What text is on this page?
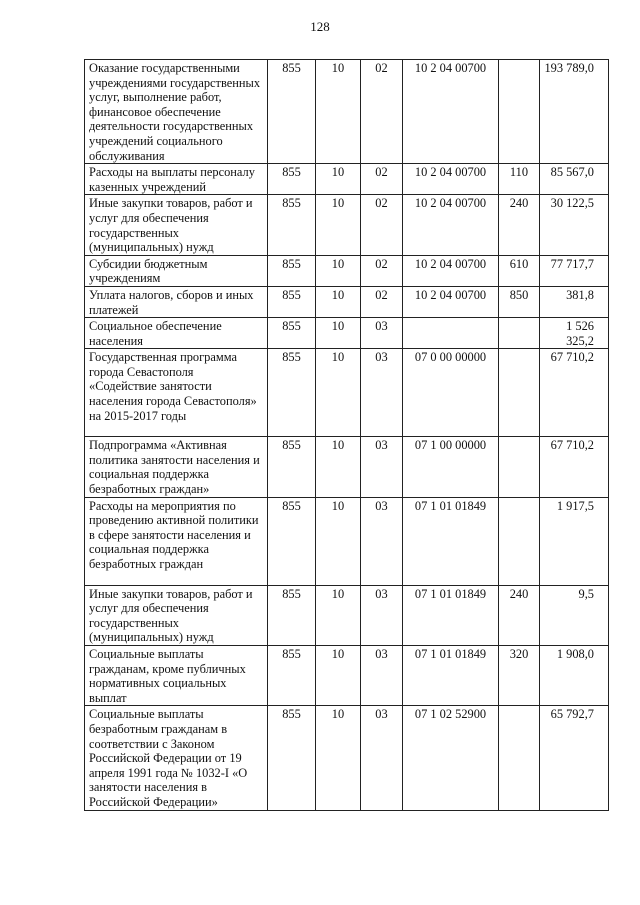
128
Оказание государственными учреждениями государственных услуг, выполнение работ, финансовое обеспечение деятельности государственных учреждений социального обслуживания	855	10	02	10 2 04 00700		193 789,0
Расходы на выплаты персоналу казенных учреждений	855	10	02	10 2 04 00700	110	85 567,0
Иные закупки товаров, работ и услуг для обеспечения государственных (муниципальных) нужд	855	10	02	10 2 04 00700	240	30 122,5
Субсидии бюджетным учреждениям	855	10	02	10 2 04 00700	610	77 717,7
Уплата налогов, сборов и иных платежей	855	10	02	10 2 04 00700	850	381,8
Социальное обеспечение населения	855	10	03			1 526 325,2
Государственная программа города Севастополя «Содействие занятости населения города Севастополя» на 2015-2017 годы	855	10	03	07 0 00 00000		67 710,2
Подпрограмма «Активная политика занятости населения и социальная поддержка безработных граждан»	855	10	03	07 1 00 00000		67 710,2
Расходы на мероприятия по проведению активной политики в сфере занятости населения и социальная поддержка безработных граждан	855	10	03	07 1 01 01849		1 917,5
Иные закупки товаров, работ и услуг для обеспечения государственных (муниципальных) нужд	855	10	03	07 1 01 01849	240	9,5
Социальные выплаты гражданам, кроме публичных нормативных социальных выплат	855	10	03	07 1 01 01849	320	1 908,0
Социальные выплаты безработным гражданам в соответствии с Законом Российской Федерации от 19 апреля 1991 года № 1032-I «О занятости населения в Российской Федерации»	855	10	03	07 1 02 52900		65 792,7
